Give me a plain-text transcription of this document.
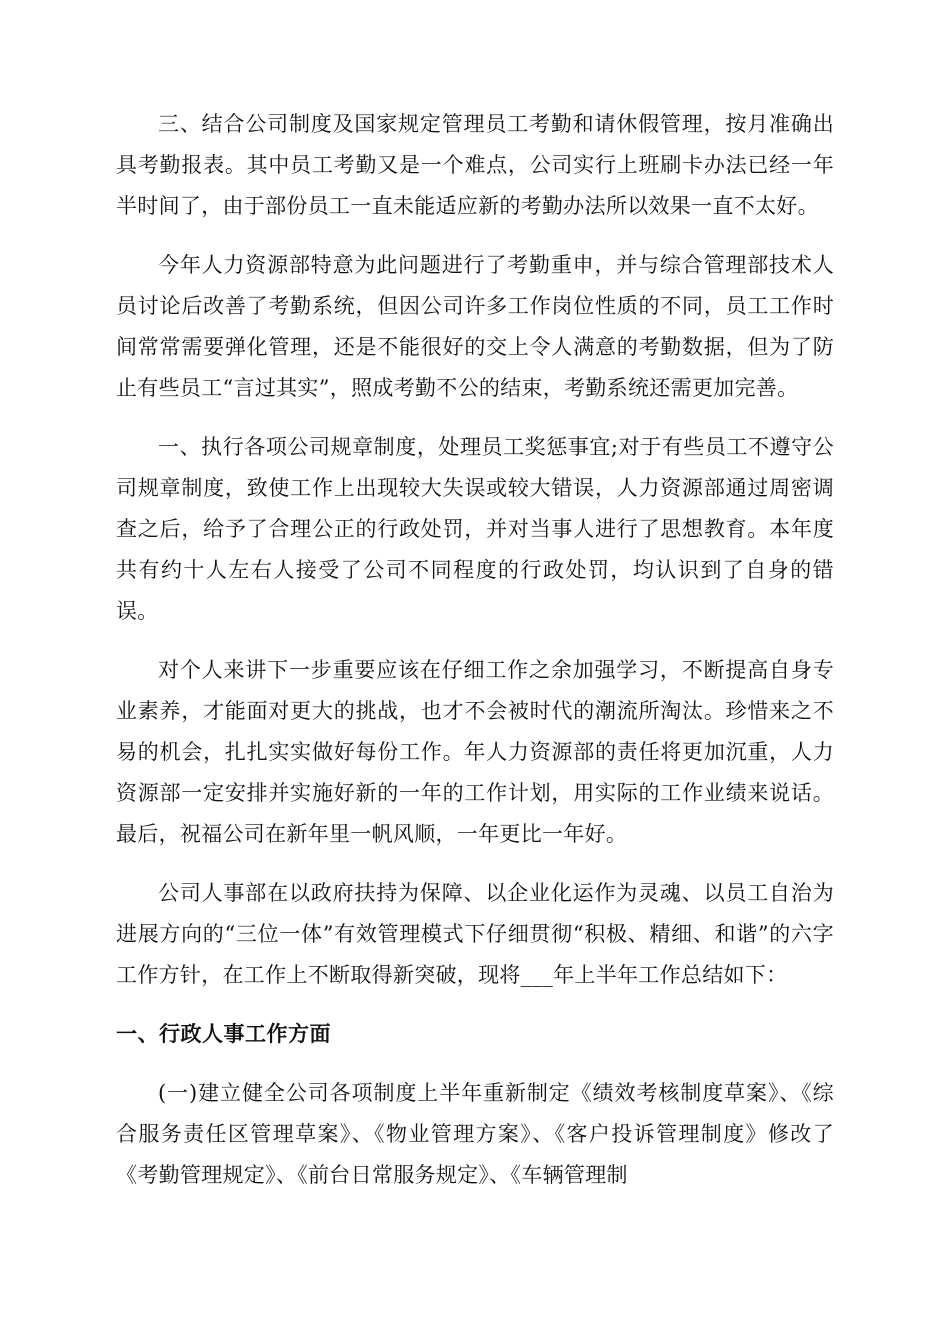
三、结合公司制度及国家规定管理员工考勤和请休假管理，按月准确出具考勤报表。其中员工考勤又是一个难点，公司实行上班刷卡办法已经一年半时间了，由于部份员工一直未能适应新的考勤办法所以效果一直不太好。

今年人力资源部特意为此问题进行了考勤重申，并与综合管理部技术人员讨论后改善了考勤系统，但因公司许多工作岗位性质的不同，员工工作时间常常需要弹化管理，还是不能很好的交上令人满意的考勤数据，但为了防止有些员工“言过其实”，照成考勤不公的结束，考勤系统还需更加完善。

一、执行各项公司规章制度，处理员工奖惩事宜;对于有些员工不遵守公司规章制度，致使工作上出现较大失误或较大错误，人力资源部通过周密调查之后，给予了合理公正的行政处罚，并对当事人进行了思想教育。本年度共有约十人左右人接受了公司不同程度的行政处罚，均认识到了自身的错误。

对个人来讲下一步重要应该在仔细工作之余加强学习，不断提高自身专业素养，才能面对更大的挑战，也才不会被时代的潮流所淘汰。珍惜来之不易的机会，扎扎实实做好每份工作。年人力资源部的责任将更加沉重，人力资源部一定安排并实施好新的一年的工作计划，用实际的工作业绩来说话。最后，祝福公司在新年里一帆风顺，一年更比一年好。

公司人事部在以政府扶持为保障、以企业化运作为灵魂、以员工自治为进展方向的“三位一体”有效管理模式下仔细贯彻“积极、精细、和谐”的六字工作方针，在工作上不断取得新突破，现将___年上半年工作总结如下：

一、行政人事工作方面

(一)建立健全公司各项制度上半年重新制定《绩效考核制度草案》、《综合服务责任区管理草案》、《物业管理方案》、《客户投诉管理制度》修改了《考勤管理规定》、《前台日常服务规定》、《车辆管理制
